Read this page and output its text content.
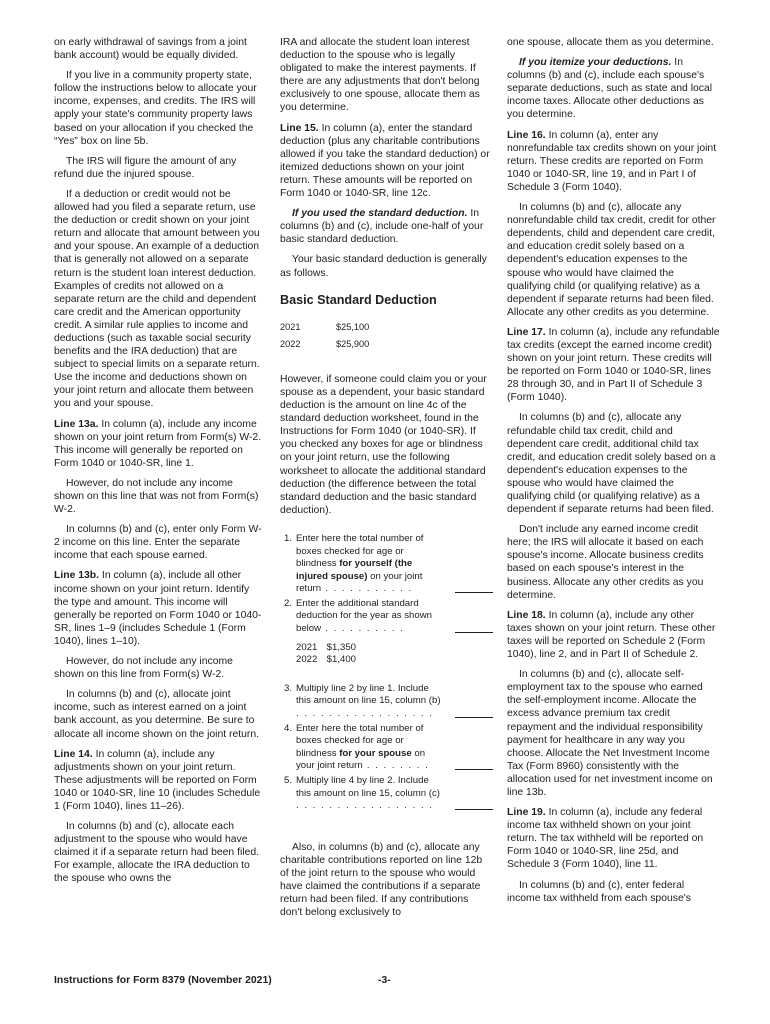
on early withdrawal of savings from a joint bank account) would be equally divided.

If you live in a community property state, follow the instructions below to allocate your income, expenses, and credits. The IRS will apply your state's community property laws based on your allocation if you checked the “Yes” box on line 5b.

The IRS will figure the amount of any refund due the injured spouse.

If a deduction or credit would not be allowed had you filed a separate return, use the deduction or credit shown on your joint return and allocate that amount between you and your spouse. An example of a deduction that is generally not allowed on a separate return is the student loan interest deduction. Examples of credits not allowed on a separate return are the child and dependent care credit and the American opportunity credit. A similar rule applies to income and deductions (such as taxable social security benefits and the IRA deduction) that are subject to special limits on a separate return. Use the income and deductions shown on your joint return and allocate them between you and your spouse.

Line 13a. In column (a), include any income shown on your joint return from Form(s) W-2. This income will generally be reported on Form 1040 or 1040-SR, line 1.

However, do not include any income shown on this line that was not from Form(s) W-2.

In columns (b) and (c), enter only Form W-2 income on this line. Enter the separate income that each spouse earned.

Line 13b. In column (a), include all other income shown on your joint return. Identify the type and amount. This income will generally be reported on Form 1040 or 1040-SR, lines 1–9 (includes Schedule 1 (Form 1040), lines 1–10).

However, do not include any income shown on this line from Form(s) W-2.

In columns (b) and (c), allocate joint income, such as interest earned on a joint bank account, as you determine. Be sure to allocate all income shown on the joint return.

Line 14. In column (a), include any adjustments shown on your joint return. These adjustments will be reported on Form 1040 or 1040-SR, line 10 (includes Schedule 1 (Form 1040), lines 11–26).

In columns (b) and (c), allocate each adjustment to the spouse who would have claimed it if a separate return had been filed. For example, allocate the IRA deduction to the spouse who owns the

IRA and allocate the student loan interest deduction to the spouse who is legally obligated to make the interest payments. If there are any adjustments that don't belong exclusively to one spouse, allocate them as you determine.

Line 15. In column (a), enter the standard deduction (plus any charitable contributions allowed if you take the standard deduction) or itemized deductions shown on your joint return. These amounts will be reported on Form 1040 or 1040-SR, line 12c.

If you used the standard deduction. In columns (b) and (c), include one-half of your basic standard deduction.

Your basic standard deduction is generally as follows.

Basic Standard Deduction
2021	$25,100
2022	$25,900

However, if someone could claim you or your spouse as a dependent, your basic standard deduction is the amount on line 4c of the standard deduction worksheet, found in the Instructions for Form 1040 (or 1040-SR). If you checked any boxes for age or blindness on your joint return, use the following worksheet to allocate the additional standard deduction (the difference between the total standard deduction and the basic standard deduction).

1. Enter here the total number of boxes checked for age or blindness for yourself (the injured spouse) on your joint return . . . . . . . . . . .
2. Enter the additional standard deduction for the year as shown below . . . . . . . . . .
2021 $1,350
2022 $1,400
3. Multiply line 2 by line 1. Include this amount on line 15, column (b) . . . . . . . . . . . . . . . . .
4. Enter here the total number of boxes checked for age or blindness for your spouse on your joint return . . . . . . . .
5. Multiply line 4 by line 2. Include this amount on line 15, column (c) . . . . . . . . . . . . . . . . .

Also, in columns (b) and (c), allocate any charitable contributions reported on line 12b of the joint return to the spouse who would have claimed the contributions if a separate return had been filed. If any contributions don't belong exclusively to

one spouse, allocate them as you determine.

If you itemize your deductions. In columns (b) and (c), include each spouse's separate deductions, such as state and local income taxes. Allocate other deductions as you determine.

Line 16. In column (a), enter any nonrefundable tax credits shown on your joint return. These credits are reported on Form 1040 or 1040-SR, line 19, and in Part I of Schedule 3 (Form 1040).

In columns (b) and (c), allocate any nonrefundable child tax credit, credit for other dependents, child and dependent care credit, and education credit solely based on a dependent's education expenses to the spouse who would have claimed the qualifying child (or qualifying relative) as a dependent if separate returns had been filed. Allocate any other credits as you determine.

Line 17. In column (a), include any refundable tax credits (except the earned income credit) shown on your joint return. These credits will be reported on Form 1040 or 1040-SR, lines 28 through 30, and in Part II of Schedule 3 (Form 1040).

In columns (b) and (c), allocate any refundable child tax credit, child and dependent care credit, additional child tax credit, and education credit solely based on a dependent's education expenses to the spouse who would have claimed the qualifying child (or qualifying relative) as a dependent if separate returns had been filed.

Don't include any earned income credit here; the IRS will allocate it based on each spouse's income. Allocate business credits based on each spouse's interest in the business. Allocate any other credits as you determine.

Line 18. In column (a), include any other taxes shown on your joint return. These other taxes will be reported on Schedule 2 (Form 1040), line 2, and in Part II of Schedule 2.

In columns (b) and (c), allocate self-employment tax to the spouse who earned the self-employment income. Allocate the excess advance premium tax credit repayment and the individual responsibility payment for healthcare in any way you choose. Allocate the Net Investment Income Tax (Form 8960) consistently with the allocation used for net investment income on line 13b.

Line 19. In column (a), include any federal income tax withheld shown on your joint return. The tax withheld will be reported on Form 1040 or 1040-SR, line 25d, and Schedule 3 (Form 1040), line 11.

In columns (b) and (c), enter federal income tax withheld from each spouse's

Instructions for Form 8379 (November 2021)	-3-
